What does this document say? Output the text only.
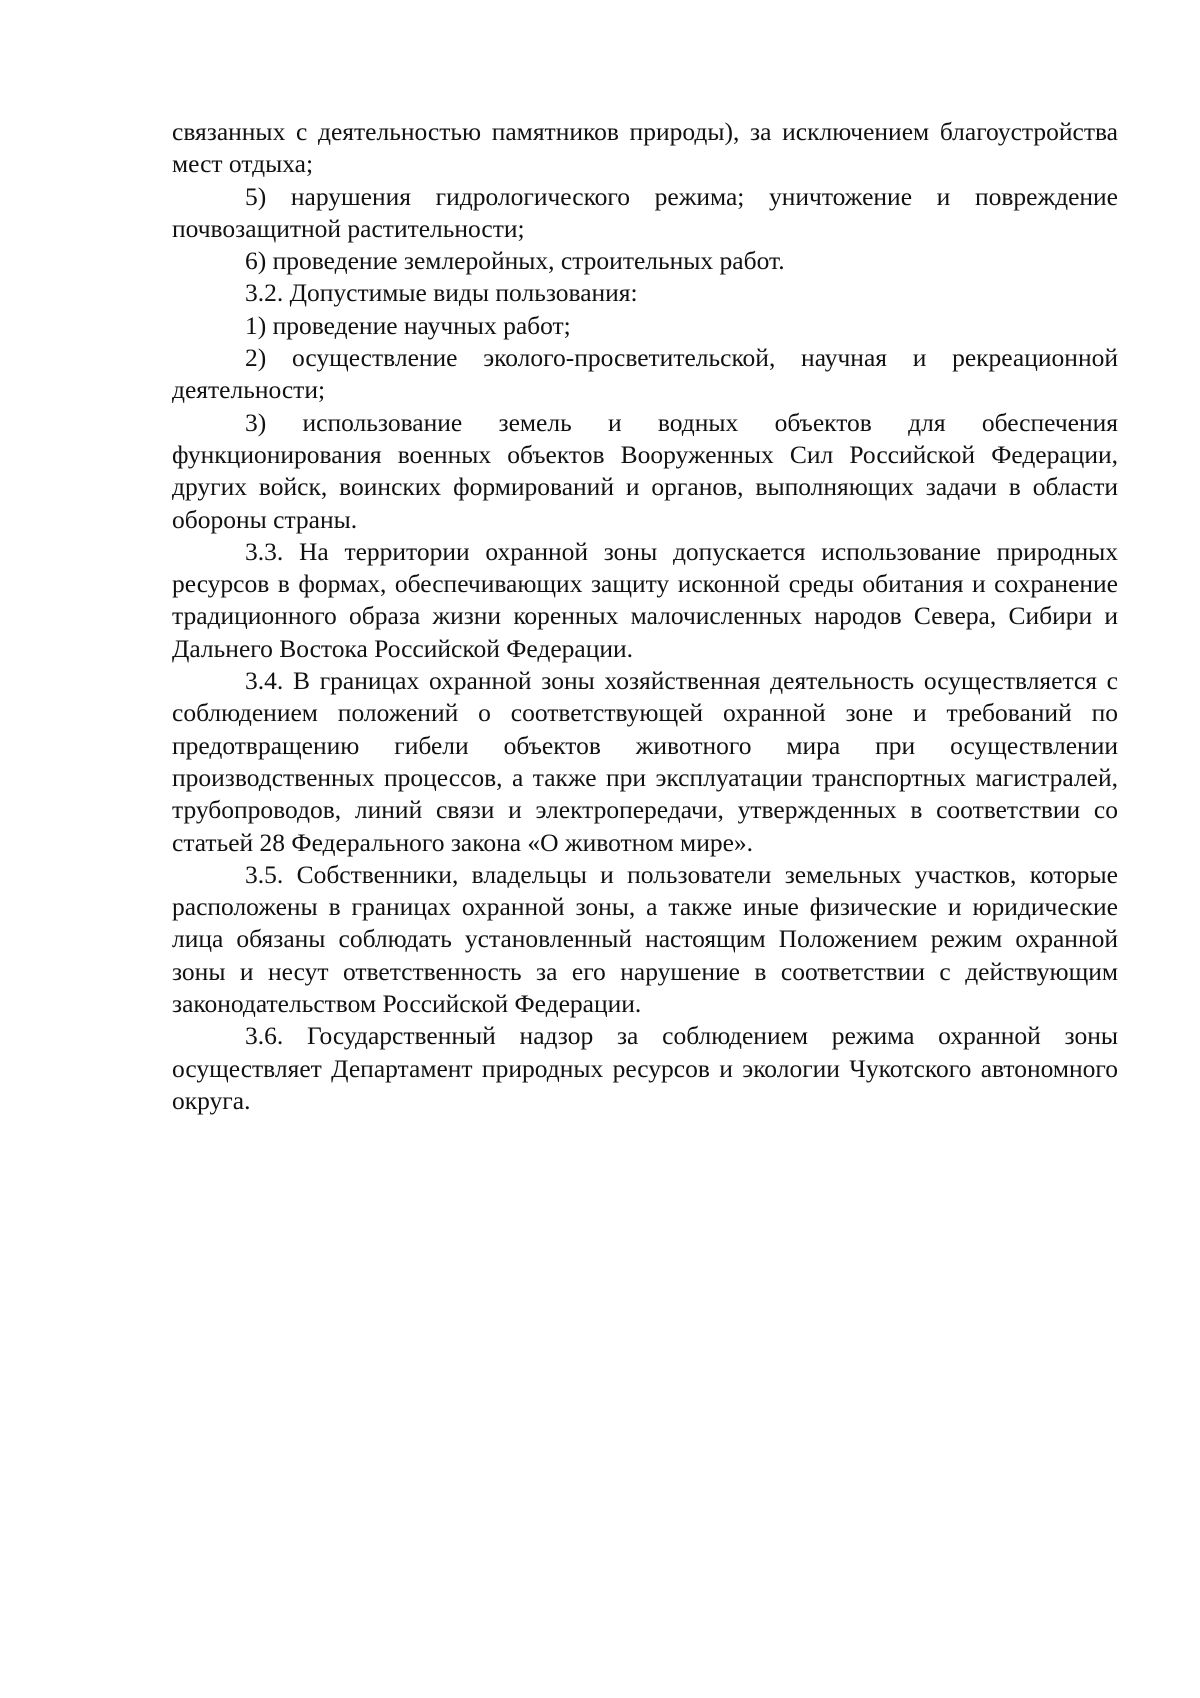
связанных с деятельностью памятников природы), за исключением благоустройства мест отдыха;

5) нарушения гидрологического режима; уничтожение и повреждение почвозащитной растительности;

6) проведение землеройных, строительных работ.

3.2. Допустимые виды пользования:

1) проведение научных работ;

2) осуществление эколого-просветительской, научная и рекреационной деятельности;

3) использование земель и водных объектов для обеспечения функционирования военных объектов Вооруженных Сил Российской Федерации, других войск, воинских формирований и органов, выполняющих задачи в области обороны страны.

3.3. На территории охранной зоны допускается использование природных ресурсов в формах, обеспечивающих защиту исконной среды обитания и сохранение традиционного образа жизни коренных малочисленных народов Севера, Сибири и Дальнего Востока Российской Федерации.

3.4. В границах охранной зоны хозяйственная деятельность осуществляется с соблюдением положений о соответствующей охранной зоне и требований по предотвращению гибели объектов животного мира при осуществлении производственных процессов, а также при эксплуатации транспортных магистралей, трубопроводов, линий связи и электропередачи, утвержденных в соответствии со статьей 28 Федерального закона «О животном мире».

3.5. Собственники, владельцы и пользователи земельных участков, которые расположены в границах охранной зоны, а также иные физические и юридические лица обязаны соблюдать установленный настоящим Положением режим охранной зоны и несут ответственность за его нарушение в соответствии с действующим законодательством Российской Федерации.

3.6. Государственный надзор за соблюдением режима охранной зоны осуществляет Департамент природных ресурсов и экологии Чукотского автономного округа.
